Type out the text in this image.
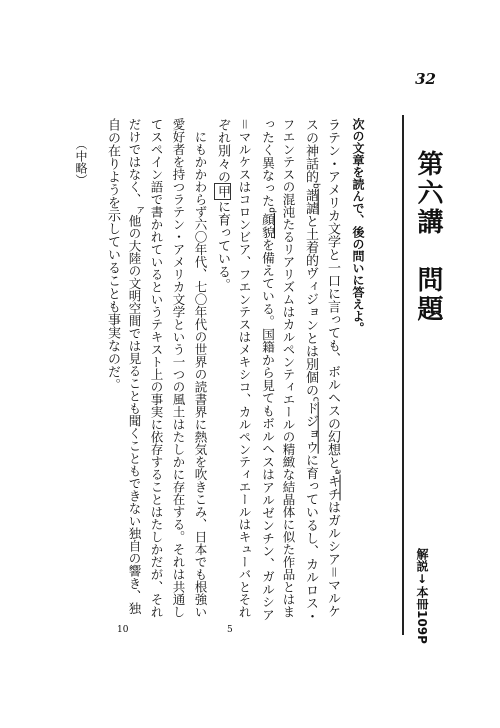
32
第六講　問題
解説↓本冊109P
次の文章を読んで、後の問いに答えよ。
ラテン・アメリカ文学と一口に言っても、ボルヘスの幻想と$^a$キチはガルシア＝マルケ
スの神話的$^b$諧謔と土着的ヴィジョンとは別個の$^c$ドジョウに育っているし、カルロス・
フエンテスの混沌たるリアリズムはカルペンティエールの精緻な結晶体に似た作品とはま
ったく異なった$^d$顔貌を備えている。国籍から見てもボルヘスはアルゼンチン、ガルシア
＝マルケスはコロンビア、フエンテスはメキシコ、カルペンティエールはキューバとそれ
ぞれ別々の甲に育っている。
　にもかかわらず六〇年代、七〇年代の世界の読書界に熱気を吹きこみ、日本でも根強い
愛好者を持つラテン・アメリカ文学という一つの風土はたしかに存在する。それは共通し
てスペイン語で書かれているというテキスト上の事実に依存することはたしかだが、それ
だけではなく、$^ア$他の大陸の文明空間では見ることも聞くこともできない独自の響き、独
自の在りようを示していることも事実なのだ。
5
10
（中略）
